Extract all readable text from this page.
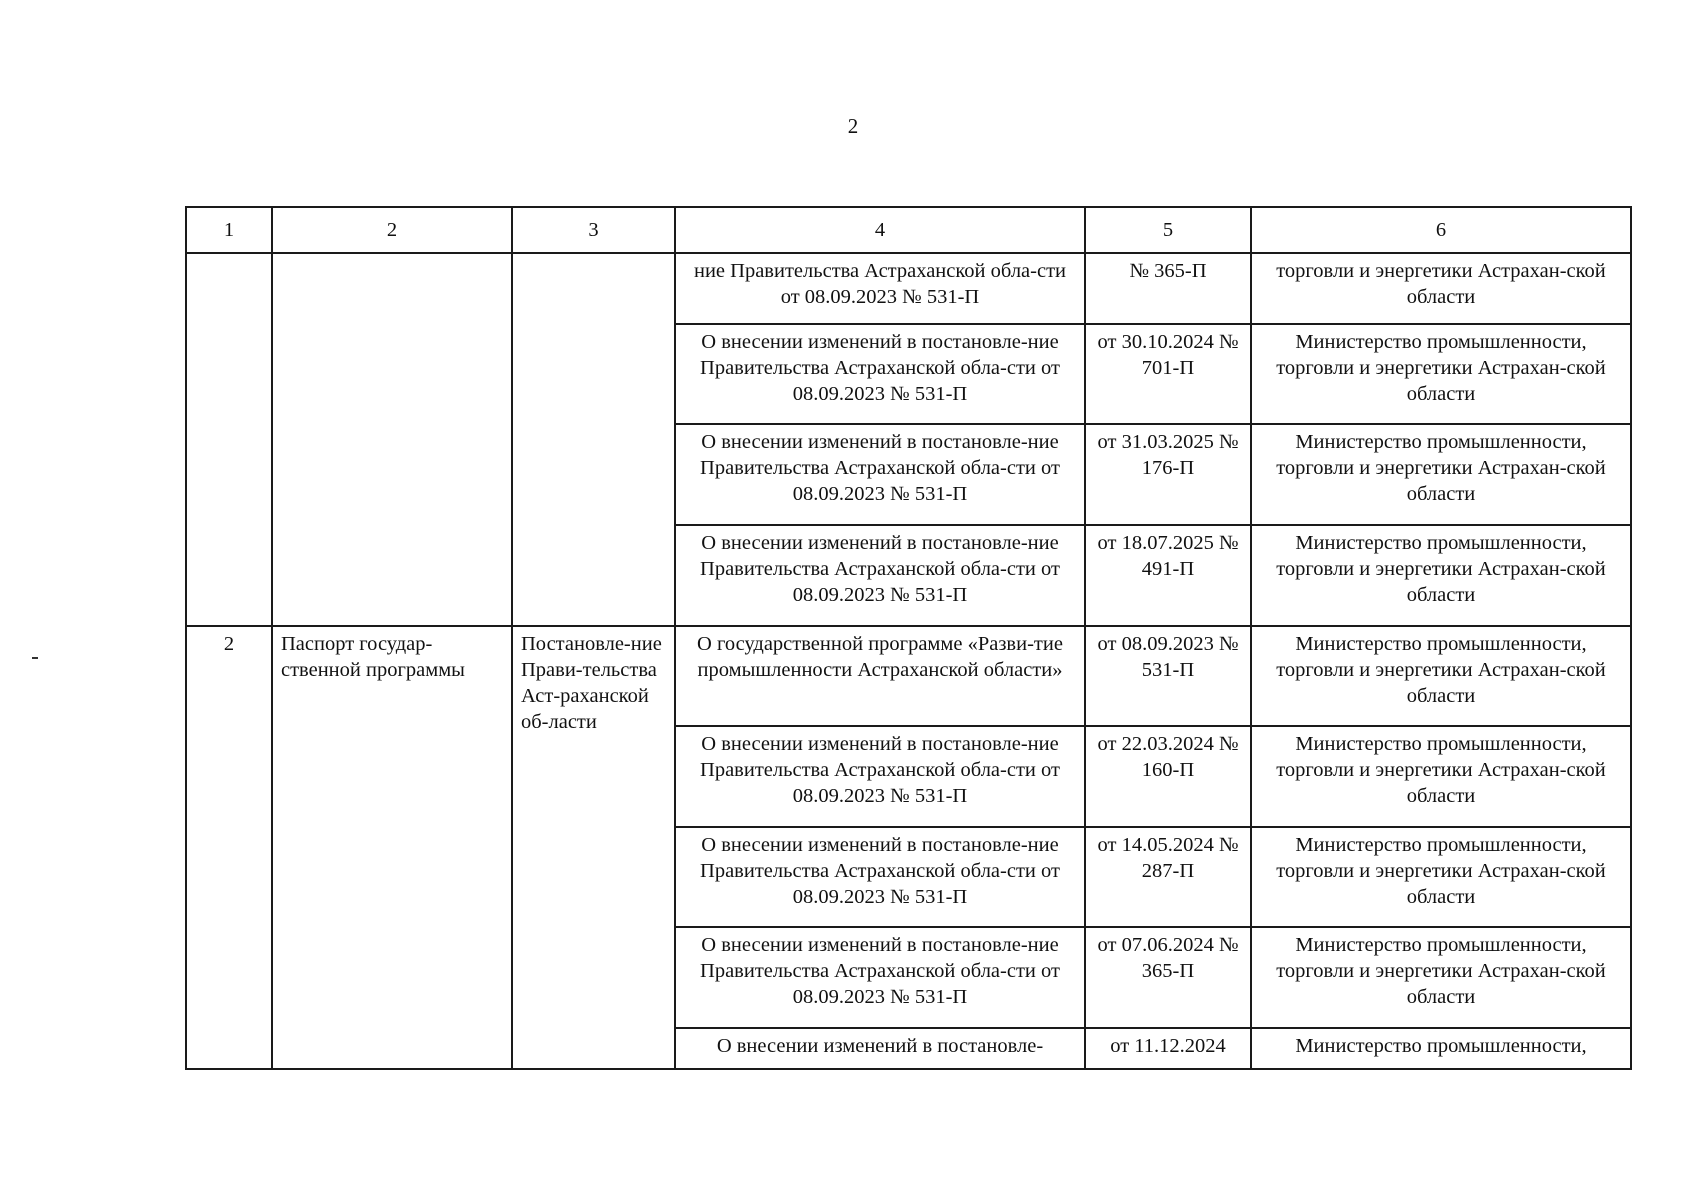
2
1	2	3	4	5	6
			ние Правительства Астраханской обла-сти от 08.09.2023 № 531-П	№ 365-П	торговли и энергетики Астрахан-ской области
			О внесении изменений в постановле-ние Правительства Астраханской обла-сти от 08.09.2023 № 531-П	от 30.10.2024 № 701-П	Министерство промышленности, торговли и энергетики Астрахан-ской области
			О внесении изменений в постановле-ние Правительства Астраханской обла-сти от 08.09.2023 № 531-П	от 31.03.2025 № 176-П	Министерство промышленности, торговли и энергетики Астрахан-ской области
			О внесении изменений в постановле-ние Правительства Астраханской обла-сти от 08.09.2023 № 531-П	от 18.07.2025 № 491-П	Министерство промышленности, торговли и энергетики Астрахан-ской области
2	Паспорт государ-ственной программы	Постановле-ние Прави-тельства Аст-раханской об-ласти	О государственной программе «Разви-тие промышленности Астраханской области»	от 08.09.2023 № 531-П	Министерство промышленности, торговли и энергетики Астрахан-ской области
			О внесении изменений в постановле-ние Правительства Астраханской обла-сти от 08.09.2023 № 531-П	от 22.03.2024 № 160-П	Министерство промышленности, торговли и энергетики Астрахан-ской области
			О внесении изменений в постановле-ние Правительства Астраханской обла-сти от 08.09.2023 № 531-П	от 14.05.2024 № 287-П	Министерство промышленности, торговли и энергетики Астрахан-ской области
			О внесении изменений в постановле-ние Правительства Астраханской обла-сти от 08.09.2023 № 531-П	от 07.06.2024 № 365-П	Министерство промышленности, торговли и энергетики Астрахан-ской области
			О внесении изменений в постановле-	от 11.12.2024	Министерство промышленности,
